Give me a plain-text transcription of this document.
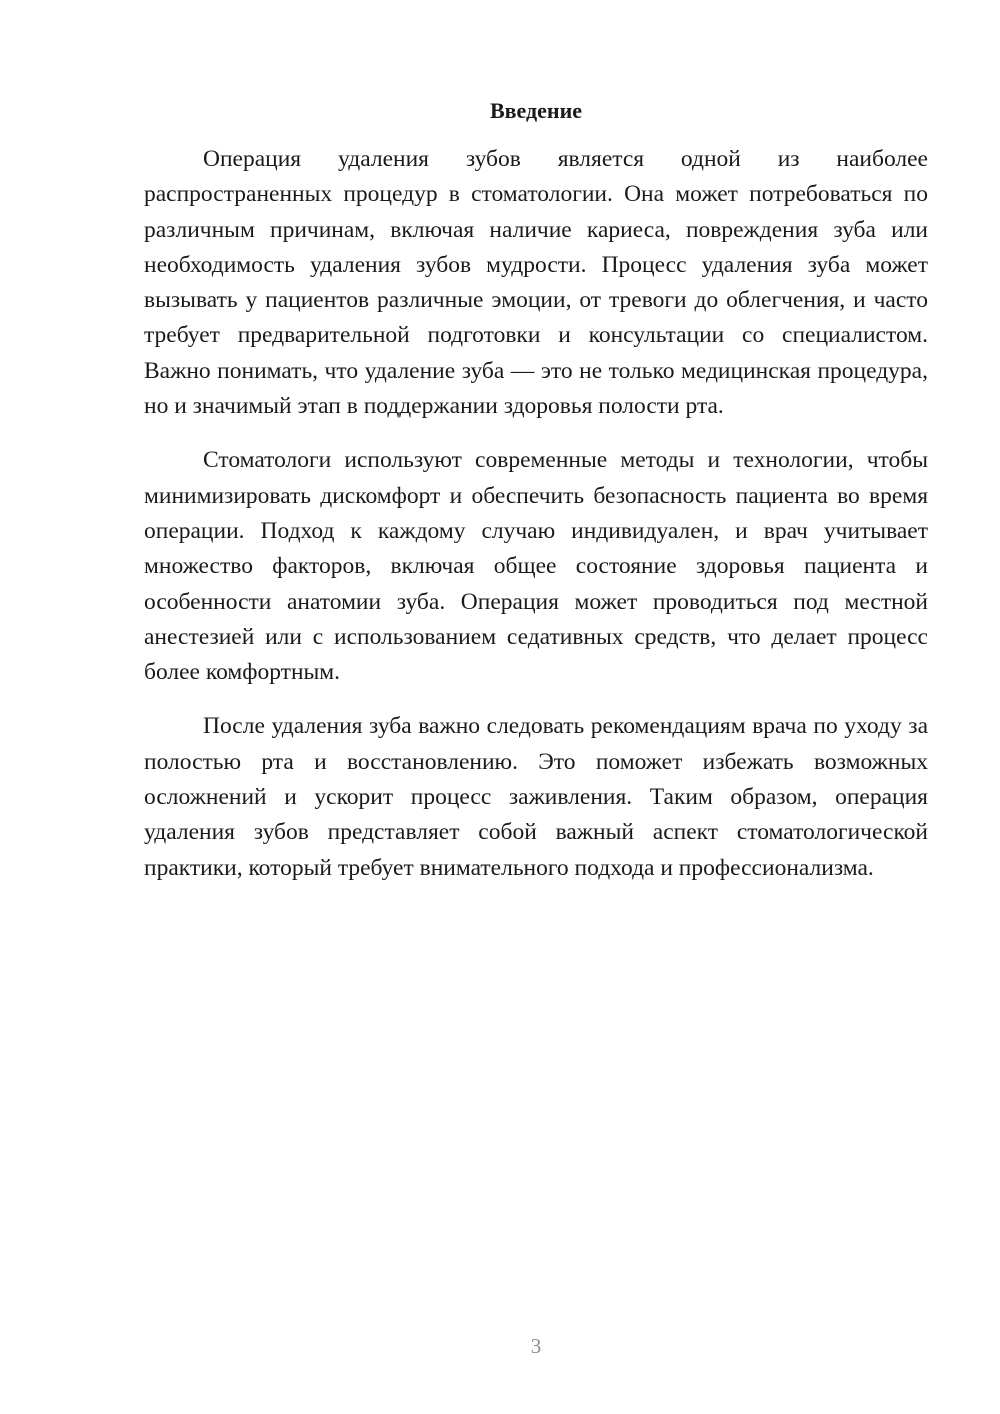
Введение

Операция удаления зубов является одной из наиболее распространенных процедур в стоматологии. Она может потребоваться по различным причинам, включая наличие кариеса, повреждения зуба или необходимость удаления зубов мудрости. Процесс удаления зуба может вызывать у пациентов различные эмоции, от тревоги до облегчения, и часто требует предварительной подготовки и консультации со специалистом. Важно понимать, что удаление зуба — это не только медицинская процедура, но и значимый этап в поддержании здоровья полости рта.

Стоматологи используют современные методы и технологии, чтобы минимизировать дискомфорт и обеспечить безопасность пациента во время операции. Подход к каждому случаю индивидуален, и врач учитывает множество факторов, включая общее состояние здоровья пациента и особенности анатомии зуба. Операция может проводиться под местной анестезией или с использованием седативных средств, что делает процесс более комфортным.

После удаления зуба важно следовать рекомендациям врача по уходу за полостью рта и восстановлению. Это поможет избежать возможных осложнений и ускорит процесс заживления. Таким образом, операция удаления зубов представляет собой важный аспект стоматологической практики, который требует внимательного подхода и профессионализма.

3
